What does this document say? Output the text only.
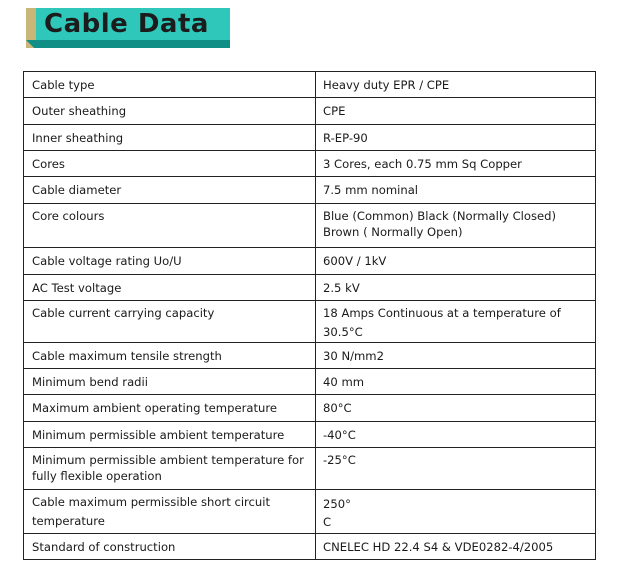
Cable Data
Cable type	Heavy duty EPR / CPE
Outer sheathing	CPE
Inner sheathing	R-EP-90
Cores	3 Cores, each 0.75 mm Sq Copper
Cable diameter	7.5 mm nominal
Core colours	Blue (Common) Black (Normally Closed)
Brown ( Normally Open)

Cable voltage rating Uo/U	600V / 1kV
AC Test voltage	2.5 kV
Cable current carrying capacity	18 Amps Continuous at a temperature of
30.5°C

Cable maximum tensile strength	30 N/mm2
Minimum bend radii	40 mm
Maximum ambient operating temperature	80°C
Minimum permissible ambient temperature	-40°C

Minimum permissible ambient temperature for
fully flexible operation	-25°C

Cable maximum permissible short circuit
temperature	250°
C

Standard of construction	CNELEC HD 22.4 S4 & VDE0282-4/2005
